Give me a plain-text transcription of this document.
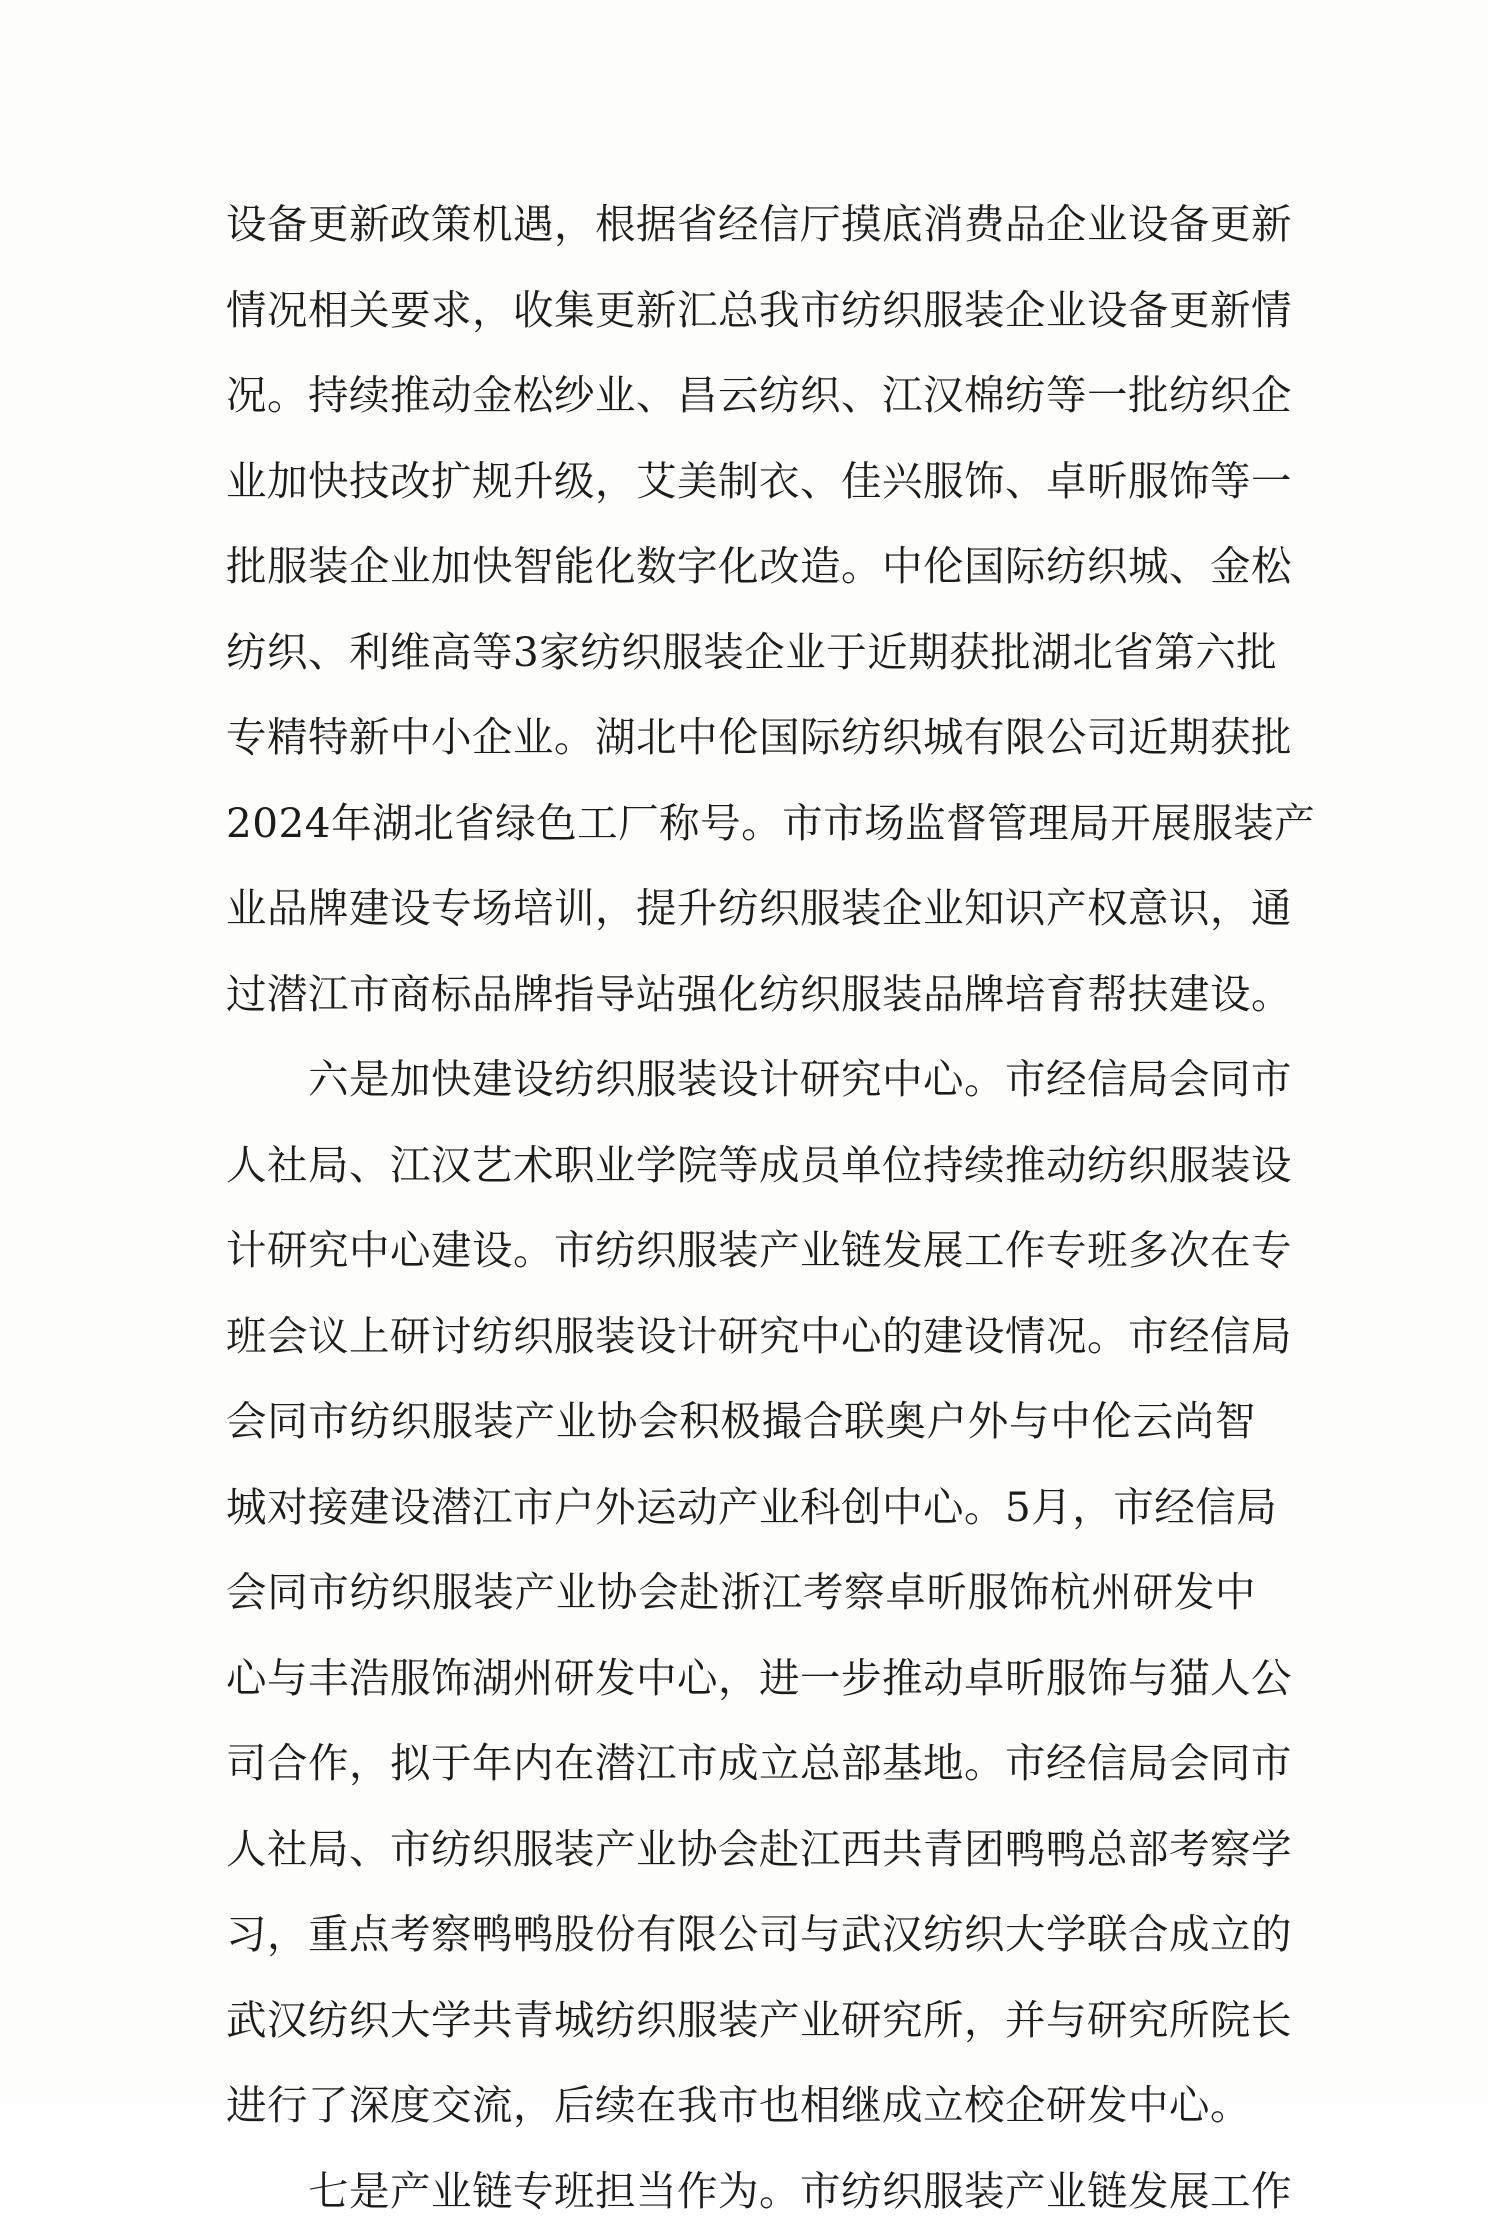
设备更新政策机遇，根据省经信厅摸底消费品企业设备更新
情况相关要求，收集更新汇总我市纺织服装企业设备更新情
况。持续推动金松纱业、昌云纺织、江汉棉纺等一批纺织企
业加快技改扩规升级，艾美制衣、佳兴服饰、卓昕服饰等一
批服装企业加快智能化数字化改造。中伦国际纺织城、金松
纺织、利维高等3家纺织服装企业于近期获批湖北省第六批
专精特新中小企业。湖北中伦国际纺织城有限公司近期获批
2024年湖北省绿色工厂称号。市市场监督管理局开展服装产
业品牌建设专场培训，提升纺织服装企业知识产权意识，通
过潜江市商标品牌指导站强化纺织服装品牌培育帮扶建设。
六是加快建设纺织服装设计研究中心。市经信局会同市
人社局、江汉艺术职业学院等成员单位持续推动纺织服装设
计研究中心建设。市纺织服装产业链发展工作专班多次在专
班会议上研讨纺织服装设计研究中心的建设情况。市经信局
会同市纺织服装产业协会积极撮合联奥户外与中伦云尚智
城对接建设潜江市户外运动产业科创中心。5月，市经信局
会同市纺织服装产业协会赴浙江考察卓昕服饰杭州研发中
心与丰浩服饰湖州研发中心，进一步推动卓昕服饰与猫人公
司合作，拟于年内在潜江市成立总部基地。市经信局会同市
人社局、市纺织服装产业协会赴江西共青团鸭鸭总部考察学
习，重点考察鸭鸭股份有限公司与武汉纺织大学联合成立的
武汉纺织大学共青城纺织服装产业研究所，并与研究所院长
进行了深度交流，后续在我市也相继成立校企研发中心。
七是产业链专班担当作为。市纺织服装产业链发展工作
